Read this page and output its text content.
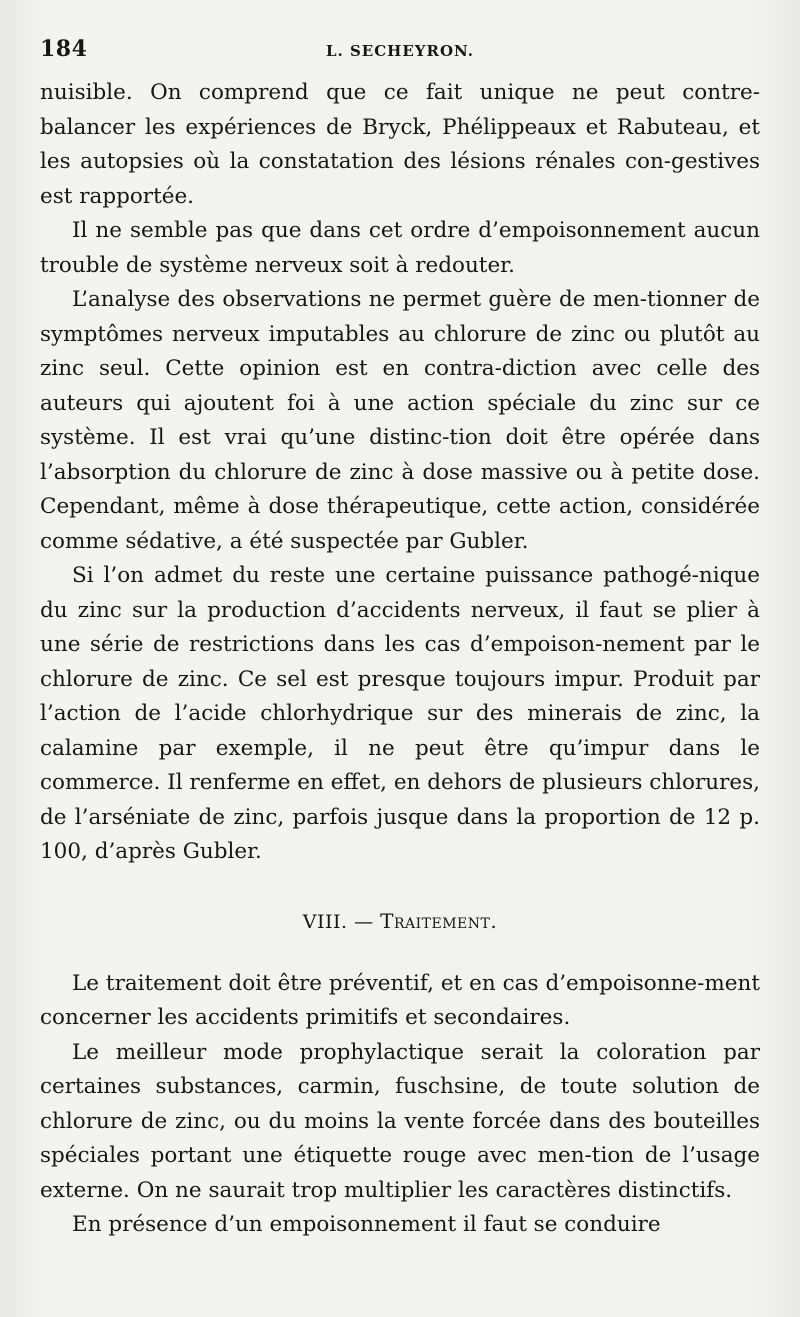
184	L. SECHEYRON.

nuisible. On comprend que ce fait unique ne peut contre-balancer les expériences de Bryck, Phélippeaux et Rabuteau, et les autopsies où la constatation des lésions rénales con-gestives est rapportée.

Il ne semble pas que dans cet ordre d’empoisonnement aucun trouble de système nerveux soit à redouter.

L’analyse des observations ne permet guère de men-tionner de symptômes nerveux imputables au chlorure de zinc ou plutôt au zinc seul. Cette opinion est en contra-diction avec celle des auteurs qui ajoutent foi à une action spéciale du zinc sur ce système. Il est vrai qu’une distinc-tion doit être opérée dans l’absorption du chlorure de zinc à dose massive ou à petite dose. Cependant, même à dose thérapeutique, cette action, considérée comme sédative, a été suspectée par Gubler.

Si l’on admet du reste une certaine puissance pathogé-nique du zinc sur la production d’accidents nerveux, il faut se plier à une série de restrictions dans les cas d’empoison-nement par le chlorure de zinc. Ce sel est presque toujours impur. Produit par l’action de l’acide chlorhydrique sur des minerais de zinc, la calamine par exemple, il ne peut être qu’impur dans le commerce. Il renferme en effet, en dehors de plusieurs chlorures, de l’arséniate de zinc, parfois jusque dans la proportion de 12 p. 100, d’après Gubler.

VIII. — Traitement.

Le traitement doit être préventif, et en cas d’empoisonne-ment concerner les accidents primitifs et secondaires.

Le meilleur mode prophylactique serait la coloration par certaines substances, carmin, fuschsine, de toute solution de chlorure de zinc, ou du moins la vente forcée dans des bouteilles spéciales portant une étiquette rouge avec men-tion de l’usage externe. On ne saurait trop multiplier les caractères distinctifs.

En présence d’un empoisonnement il faut se conduire
